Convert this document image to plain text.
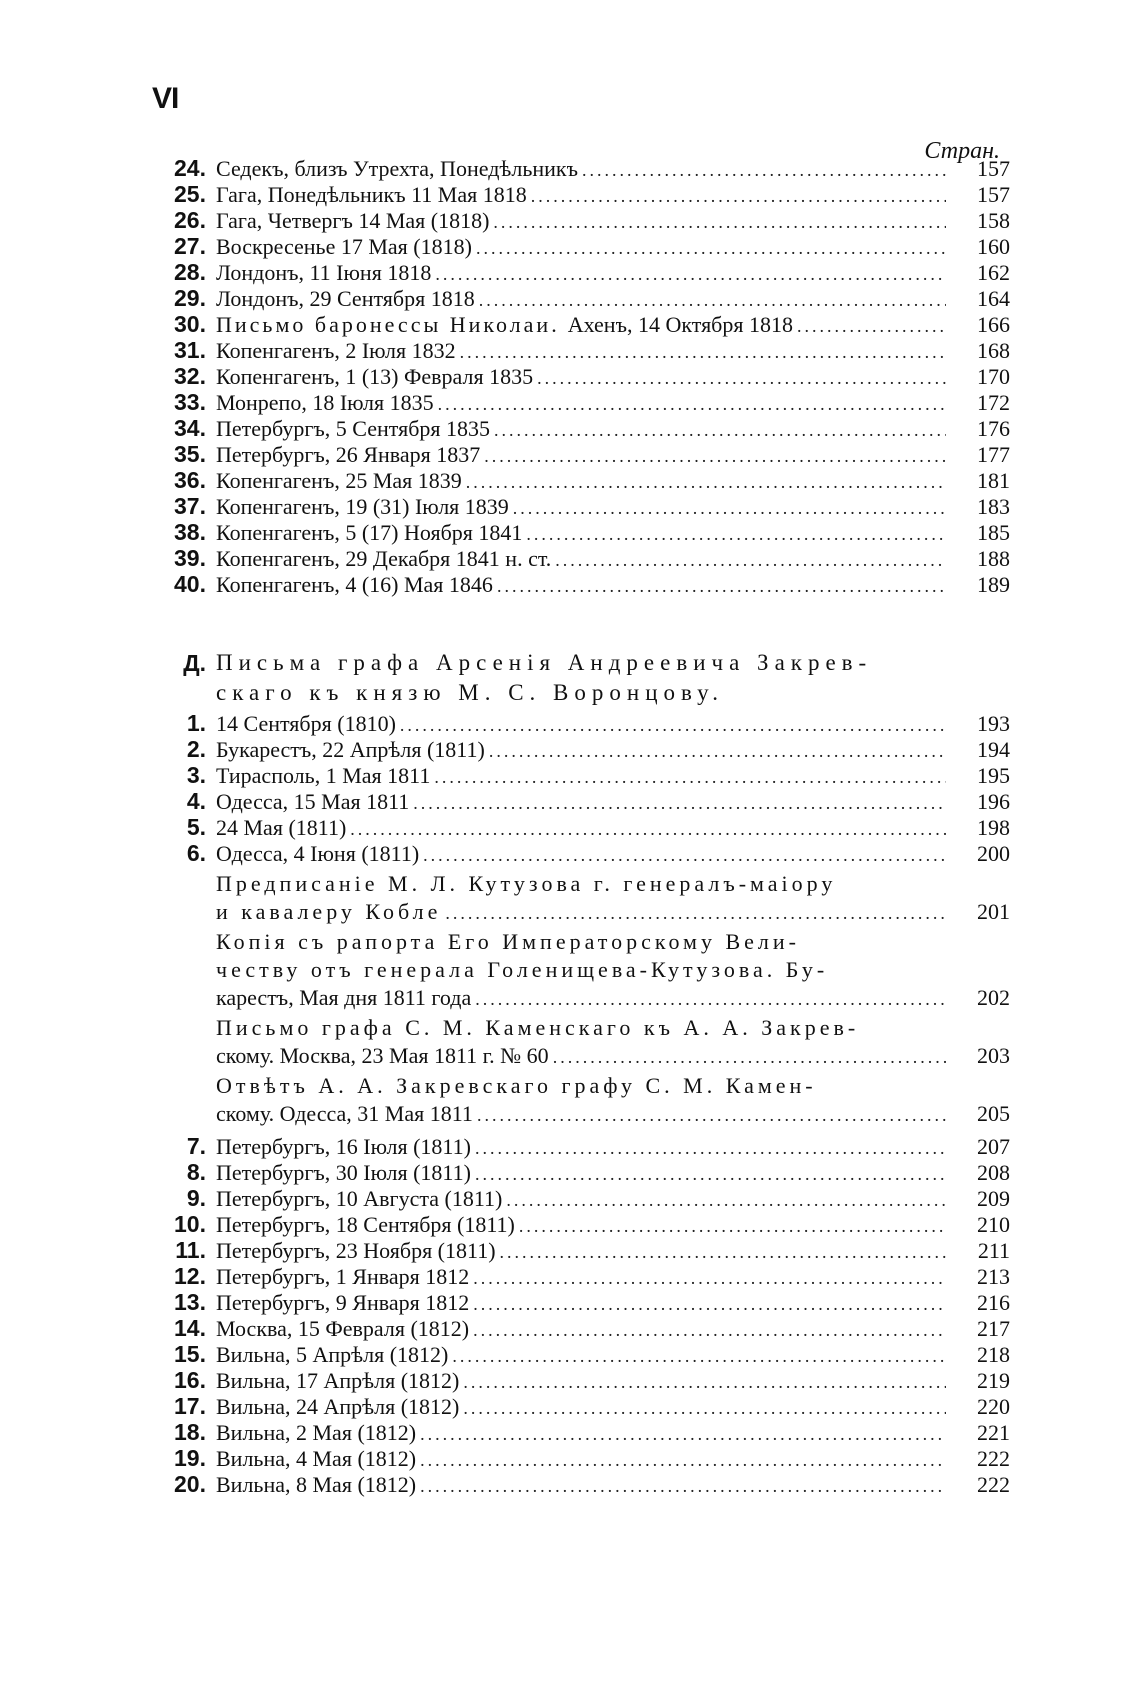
VI
Стран.
24. Седекъ, близъ Утрехта, Понедѣльникъ .....	157
25. Гага, Понедѣльникъ 11 Мая 1818 .....	157
26. Гага, Четвергъ 14 Мая (1818) .....	158
27. Воскресенье 17 Мая (1818) .....	160
28. Лондонъ, 11 Іюня 1818 .....	162
29. Лондонъ, 29 Сентября 1818 .....	164
30. Письмо баронессы Николаи. Ахенъ, 14 Октября 1818 .....	166
31. Копенгагенъ, 2 Іюля 1832 .....	168
32. Копенгагенъ, 1 (13) Февраля 1835 .....	170
33. Монрепо, 18 Іюля 1835 .....	172
34. Петербургъ, 5 Сентября 1835 .....	176
35. Петербургъ, 26 Января 1837 .....	177
36. Копенгагенъ, 25 Мая 1839 .....	181
37. Копенгагенъ, 19 (31) Іюля 1839 .....	183
38. Копенгагенъ, 5 (17) Ноября 1841 .....	185
39. Копенгагенъ, 29 Декабря 1841 н. ст. .....	188
40. Копенгагенъ, 4 (16) Мая 1846 .....	189
Д. Письма графа Арсенія Андреевича Закрев-
скаго къ князю М. С. Воронцову.
1. 14 Сентября (1810) .....	193
2. Букарестъ, 22 Апрѣля (1811) .....	194
3. Тирасполь, 1 Мая 1811 .....	195
4. Одесса, 15 Мая 1811 .....	196
5. 24 Мая (1811) .....	198
6. Одесса, 4 Іюня (1811) .....	200
Предписаніе М. Л. Кутузова г. генералъ-маіору
и кавалеру Кобле .....	201
Копія съ рапорта Его Императорскому Вели-
честву отъ генерала Голенищева-Кутузова. Бу-
карестъ, Мая дня 1811 года .....	202
Письмо графа С. М. Каменскаго къ А. А. Закрев-
скому. Москва, 23 Мая 1811 г. № 60 .....	203
Отвѣтъ А. А. Закревскаго графу С. М. Камен-
скому. Одесса, 31 Мая 1811 .....	205
7. Петербургъ, 16 Іюля (1811) .....	207
8. Петербургъ, 30 Іюля (1811) .....	208
9. Петербургъ, 10 Августа (1811) .....	209
10. Петербургъ, 18 Сентября (1811) .....	210
11. Петербургъ, 23 Ноября (1811) .....	211
12. Петербургъ, 1 Января 1812 .....	213
13. Петербургъ, 9 Января 1812 .....	216
14. Москва, 15 Февраля (1812) .....	217
15. Вильна, 5 Апрѣля (1812) .....	218
16. Вильна, 17 Апрѣля (1812) .....	219
17. Вильна, 24 Апрѣля (1812) .....	220
18. Вильна, 2 Мая (1812) .....	221
19. Вильна, 4 Мая (1812) .....	222
20. Вильна, 8 Мая (1812) .....	222
